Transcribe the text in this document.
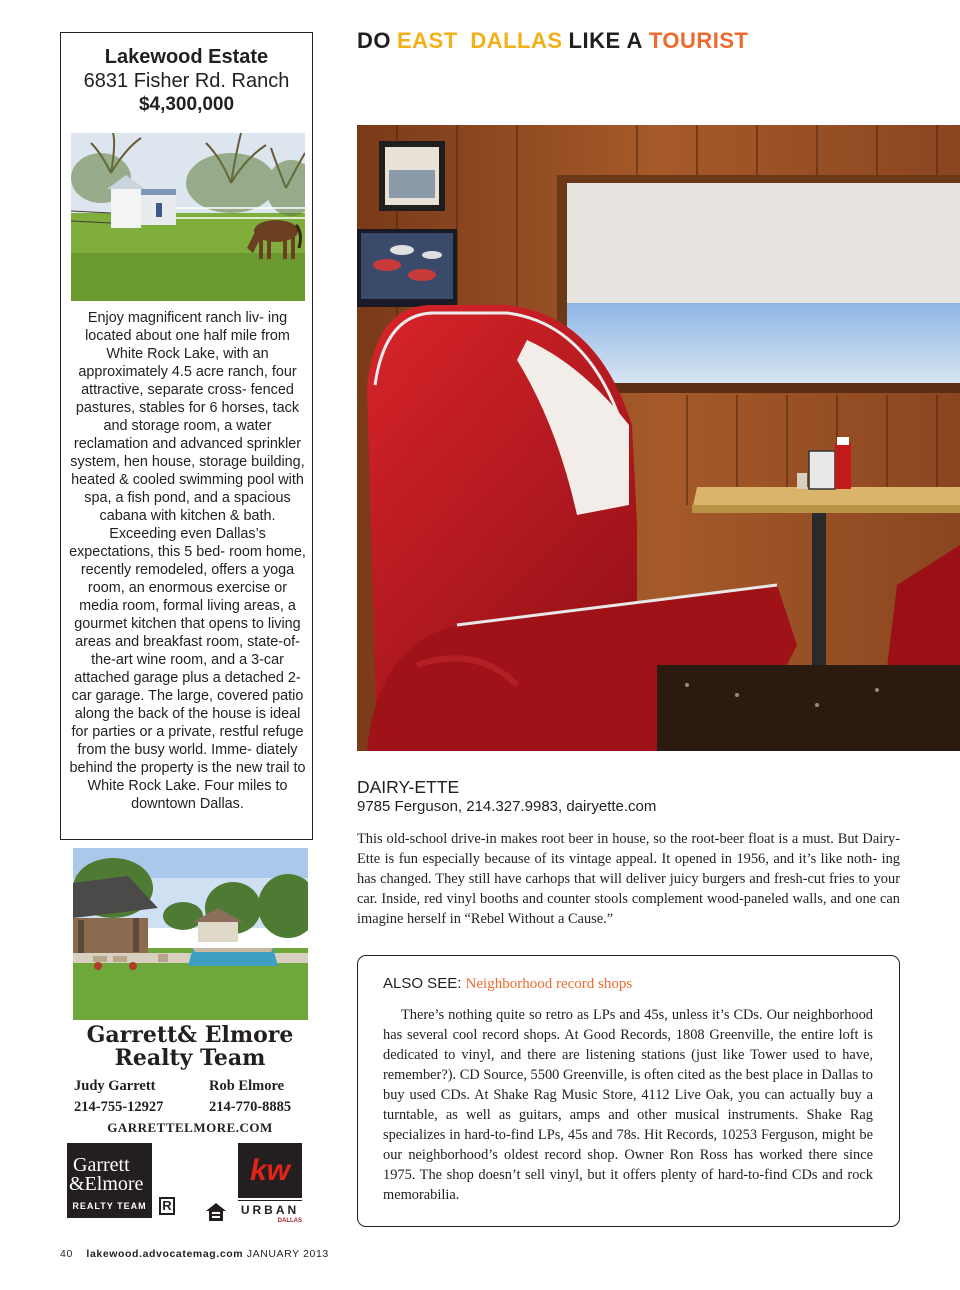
Lakewood Estate
6831 Fisher Rd. Ranch
$4,300,000
Enjoy magnificent ranch liv- ing located about one half mile from White Rock Lake, with an approximately 4.5 acre ranch, four attractive, separate cross- fenced pastures, stables for 6 horses, tack and storage room, a water reclamation and advanced sprinkler system, hen house, storage building, heated & cooled swimming pool with spa, a fish pond, and a spacious cabana with kitchen & bath. Exceeding even Dallas’s expectations, this 5 bed- room home, recently remodeled, offers a yoga room, an enormous exercise or media room, formal living areas, a gourmet kitchen that opens to living areas and breakfast room, state-of-the-art wine room, and a 3-car attached garage plus a detached 2-car garage. The large, covered patio along the back of the house is ideal for parties or a private, restful refuge from the busy world. Imme- diately behind the property is the new trail to White Rock Lake. Four miles to downtown Dallas.
Garrett& Elmore
Realty Team
Judy Garrett
214-755-12927
Rob Elmore
214-770-8885
GARRETTELMORE.COM
Garrett
&Elmore
REALTY TEAM	R
kw
URBAN
DALLAS
40 lakewood.advocatemag.com JANUARY 2013
DO EAST DALLAS LIKE A TOURIST
DAIRY-ETTE
9785 Ferguson, 214.327.9983, dairyette.com
This old-school drive-in makes root beer in house, so the root-beer float is a must. But Dairy-Ette is fun especially because of its vintage appeal. It opened in 1956, and it’s like noth- ing has changed. They still have carhops that will deliver juicy burgers and fresh-cut fries to your car. Inside, red vinyl booths and counter stools complement wood-paneled walls, and one can imagine herself in “Rebel Without a Cause.”
ALSO SEE: Neighborhood record shops
There’s nothing quite so retro as LPs and 45s, unless it’s CDs. Our neighborhood has several cool record shops. At Good Records, 1808 Greenville, the entire loft is dedicated to vinyl, and there are listening stations (just like Tower used to have, remember?). CD Source, 5500 Greenville, is often cited as the best place in Dallas to buy used CDs. At Shake Rag Music Store, 4112 Live Oak, you can actually buy a turntable, as well as guitars, amps and other musical instruments. Shake Rag specializes in hard-to-find LPs, 45s and 78s. Hit Records, 10253 Ferguson, might be our neighborhood’s oldest record shop. Owner Ron Ross has worked there since 1975. The shop doesn’t sell vinyl, but it offers plenty of hard-to-find CDs and rock memorabilia.
